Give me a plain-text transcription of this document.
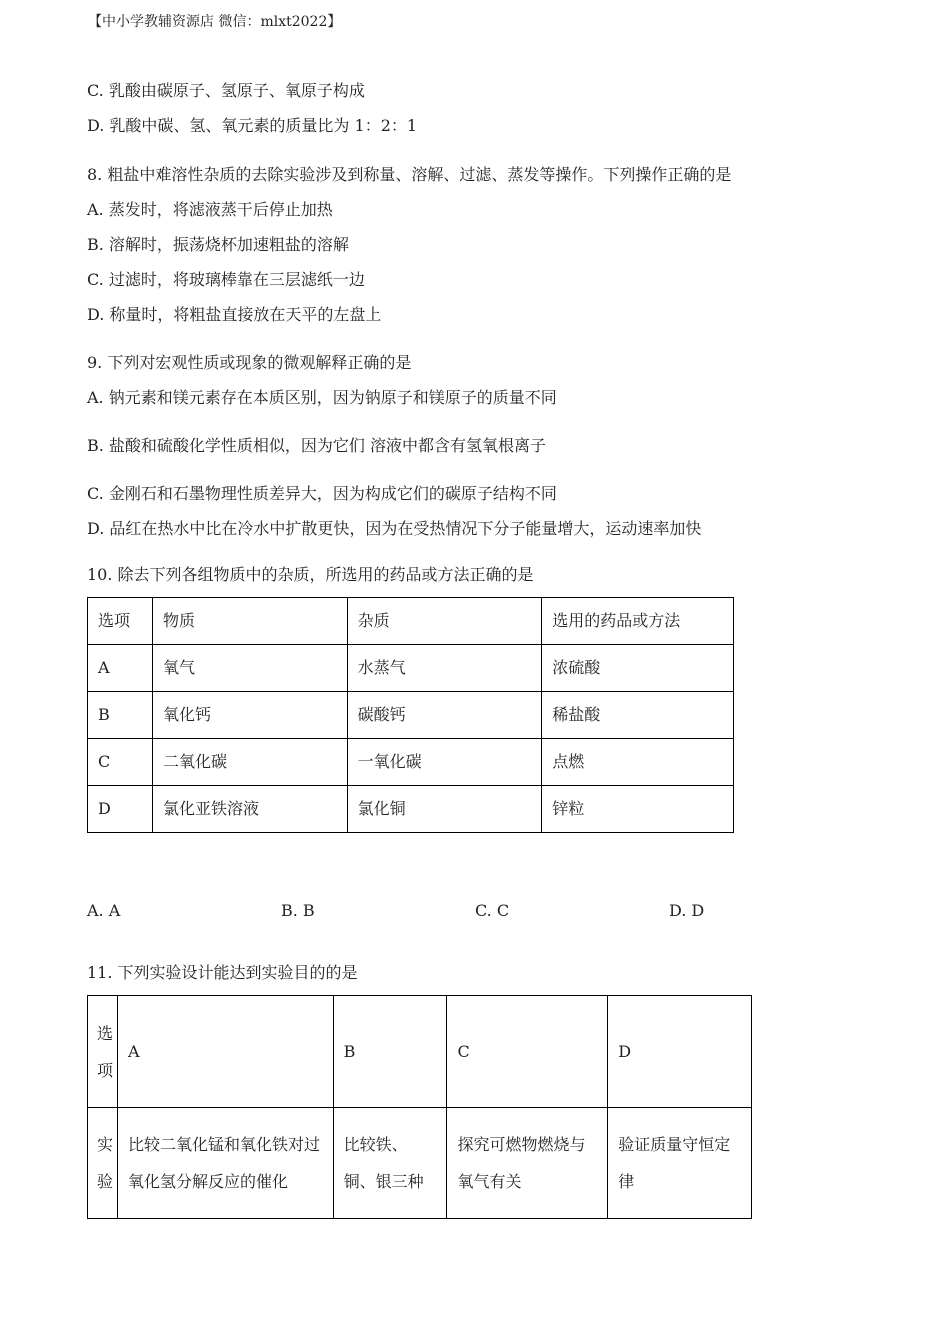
【中小学教辅资源店 微信：mlxt2022】
C. 乳酸由碳原子、氢原子、氧原子构成
D. 乳酸中碳、氢、氧元素的质量比为 1：2：1
8. 粗盐中难溶性杂质的去除实验涉及到称量、溶解、过滤、蒸发等操作。下列操作正确的是
A. 蒸发时，将滤液蒸干后停止加热
B. 溶解时，振荡烧杯加速粗盐的溶解
C. 过滤时，将玻璃棒靠在三层滤纸一边
D. 称量时，将粗盐直接放在天平的左盘上
9. 下列对宏观性质或现象的微观解释正确的是
A. 钠元素和镁元素存在本质区别，因为钠原子和镁原子的质量不同
B. 盐酸和硫酸化学性质相似，因为它们 溶液中都含有氢氧根离子
C. 金刚石和石墨物理性质差异大，因为构成它们的碳原子结构不同
D. 品红在热水中比在冷水中扩散更快，因为在受热情况下分子能量增大，运动速率加快
10. 除去下列各组物质中的杂质，所选用的药品或方法正确的是
选项	物质	杂质	选用的药品或方法
A	氧气	水蒸气	浓硫酸
B	氧化钙	碳酸钙	稀盐酸
C	二氧化碳	一氧化碳	点燃
D	氯化亚铁溶液	氯化铜	锌粒
A. A	B. B	C. C	D. D
11. 下列实验设计能达到实验目的的是
选项	A	B	C	D
实验	比较二氧化锰和氧化铁对过氧化氢分解反应的催化	比较铁、铜、银三种	探究可燃物燃烧与氧气有关	验证质量守恒定律
